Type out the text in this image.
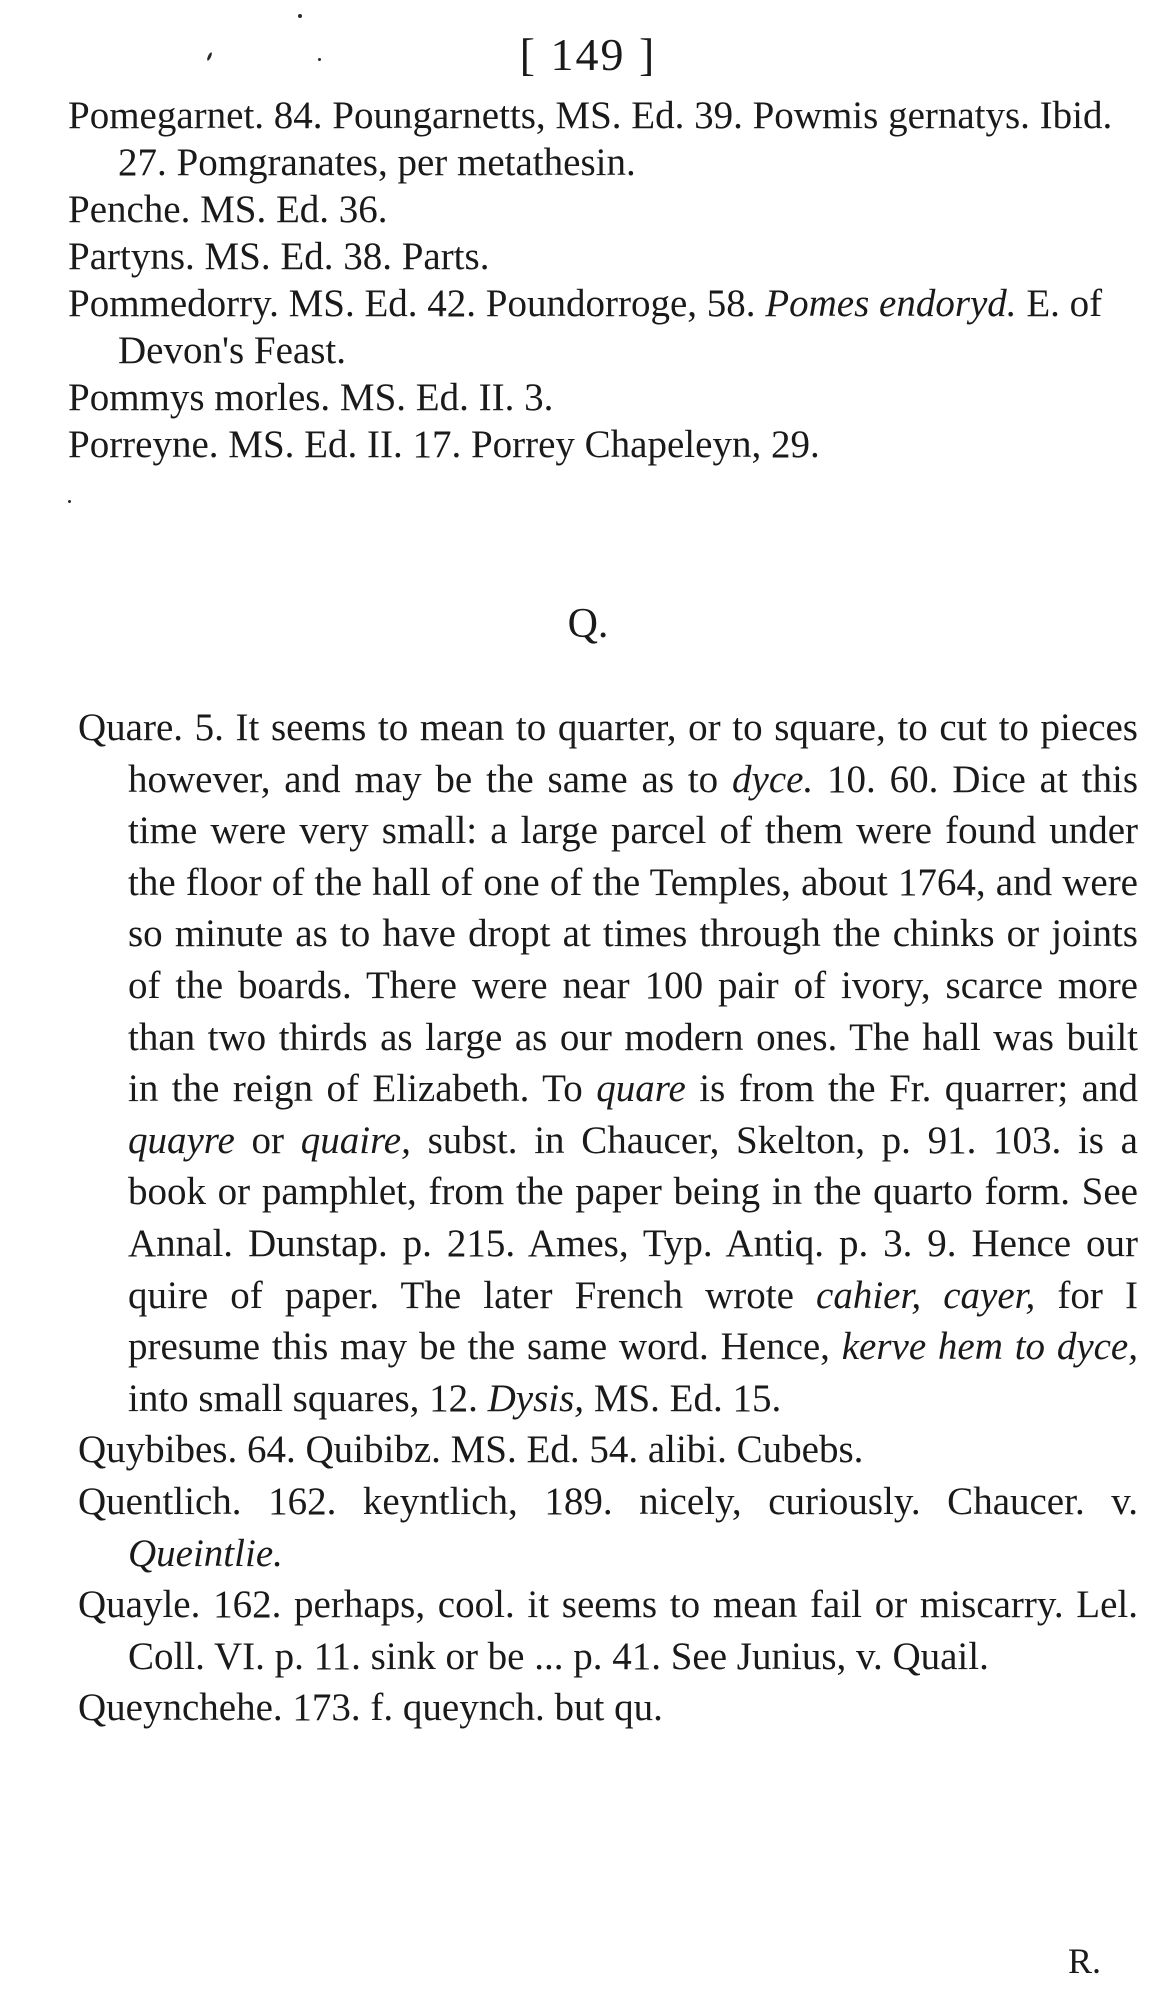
[ 149 ]

Pomegarnet. 84. Poungarnetts, MS. Ed. 39. Powmis gernatys. Ibid. 27. Pomgranates, per metathesin.

Penche. MS. Ed. 36.

Partyns. MS. Ed. 38. Parts.

Pommedorry. MS. Ed. 42. Poundorroge, 58. Pomes endoryd. E. of Devon's Feast.

Pommys morles. MS. Ed. II. 3.

Porreyne. MS. Ed. II. 17. Porrey Chapeleyn, 29.

Q.

Quare. 5. It seems to mean to quarter, or to square, to cut to pieces however, and may be the same as to dyce. 10. 60. Dice at this time were very small: a large parcel of them were found under the floor of the hall of one of the Temples, about 1764, and were so minute as to have dropt at times through the chinks or joints of the boards. There were near 100 pair of ivory, scarce more than two thirds as large as our modern ones. The hall was built in the reign of Elizabeth. To quare is from the Fr. quarrer; and quayre or quaire, subst. in Chaucer, Skelton, p. 91. 103. is a book or pamphlet, from the paper being in the quarto form. See Annal. Dunstap. p. 215. Ames, Typ. Antiq. p. 3. 9. Hence our quire of paper. The later French wrote cahier, cayer, for I presume this may be the same word. Hence, kerve hem to dyce, into small squares, 12. Dysis, MS. Ed. 15.

Quybibes. 64. Quibibz. MS. Ed. 54. alibi. Cubebs.

Quentlich. 162. keyntlich, 189. nicely, curiously. Chaucer. v. Queintlie.

Quayle. 162. perhaps, cool. it seems to mean fail or miscarry. Lel. Coll. VI. p. 11. sink or be ... p. 41. See Junius, v. Quail.

Queynchehe. 173. f. queynch. but qu.

R.
